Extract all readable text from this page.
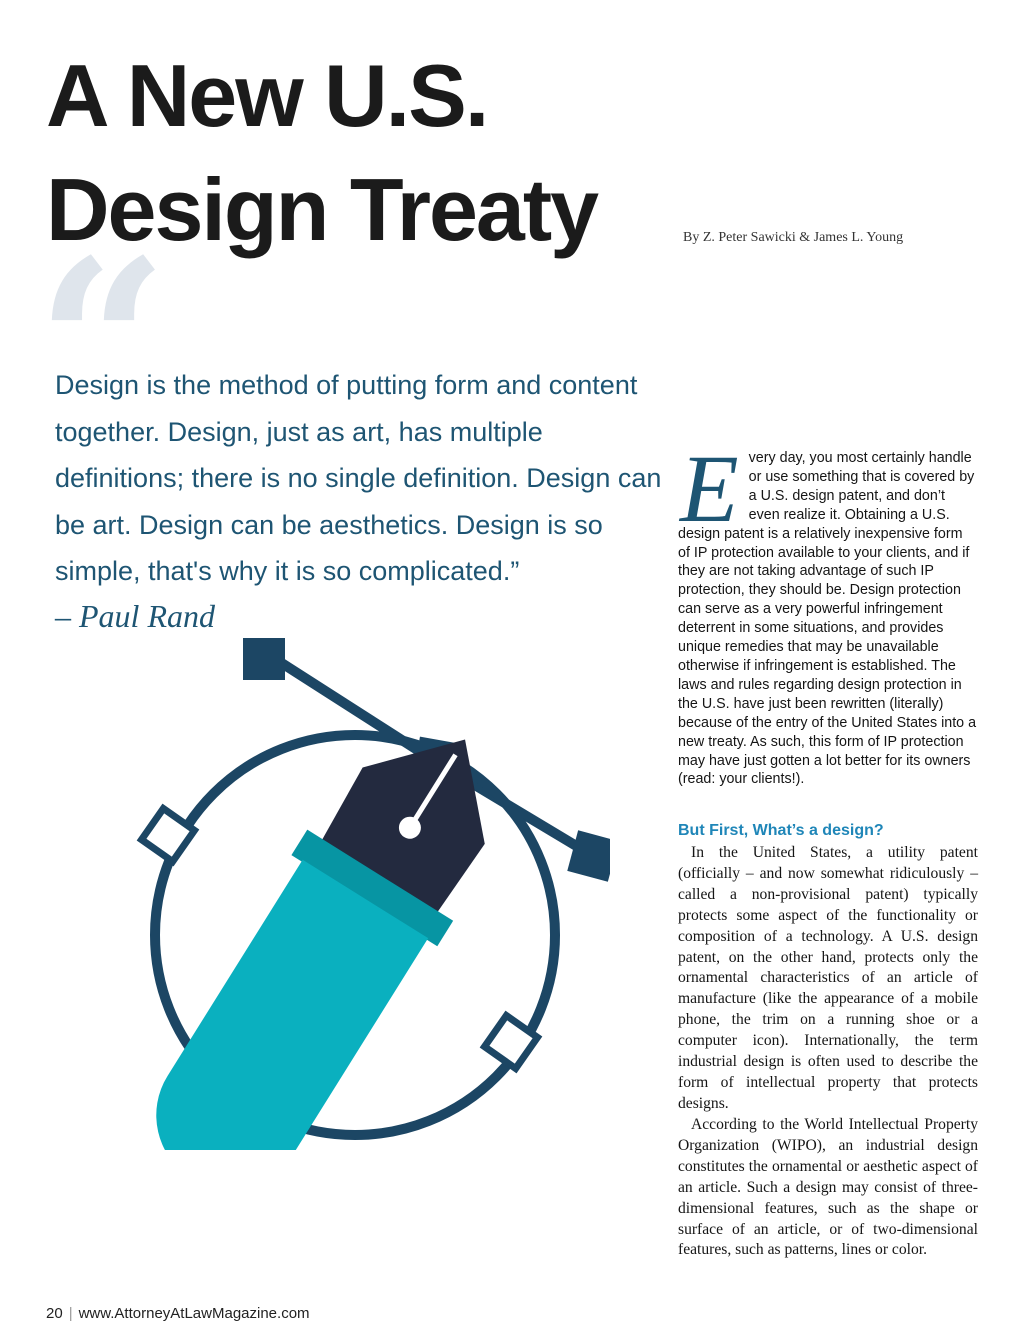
A New U.S.
Design Treaty	By Z. Peter Sawicki & James L. Young
“
Design is the method of putting form and content together. Design, just as art, has multiple definitions; there is no single definition. Design can be art. Design can be aesthetics. Design is so simple, that's why it is so complicated.”
– Paul Rand
Every day, you most certainly handle or use something that is covered by a U.S. design patent, and don’t even realize it. Obtaining a U.S. design patent is a relatively inexpensive form of IP protection available to your clients, and if they are not taking advantage of such IP protection, they should be. Design protection can serve as a very powerful infringement deterrent in some situations, and provides unique remedies that may be unavailable otherwise if infringement is established. The laws and rules regarding design protection in the U.S. have just been rewritten (literally) because of the entry of the United States into a new treaty. As such, this form of IP protection may have just gotten a lot better for its owners (read: your clients!).
But First, What’s a design?

In the United States, a utility patent (officially – and now somewhat ridiculously – called a non-provisional patent) typically protects some aspect of the functionality or composition of a technology. A U.S. design patent, on the other hand, protects only the ornamental characteristics of an article of manufacture (like the appearance of a mobile phone, the trim on a running shoe or a computer icon). Internationally, the term industrial design is often used to describe the form of intellectual property that protects designs.

According to the World Intellectual Property Organization (WIPO), an industrial design constitutes the ornamental or aesthetic aspect of an article. Such a design may consist of three-dimensional features, such as the shape or surface of an article, or of two-dimensional features, such as patterns, lines or color.

20 | www.AttorneyAtLawMagazine.com
